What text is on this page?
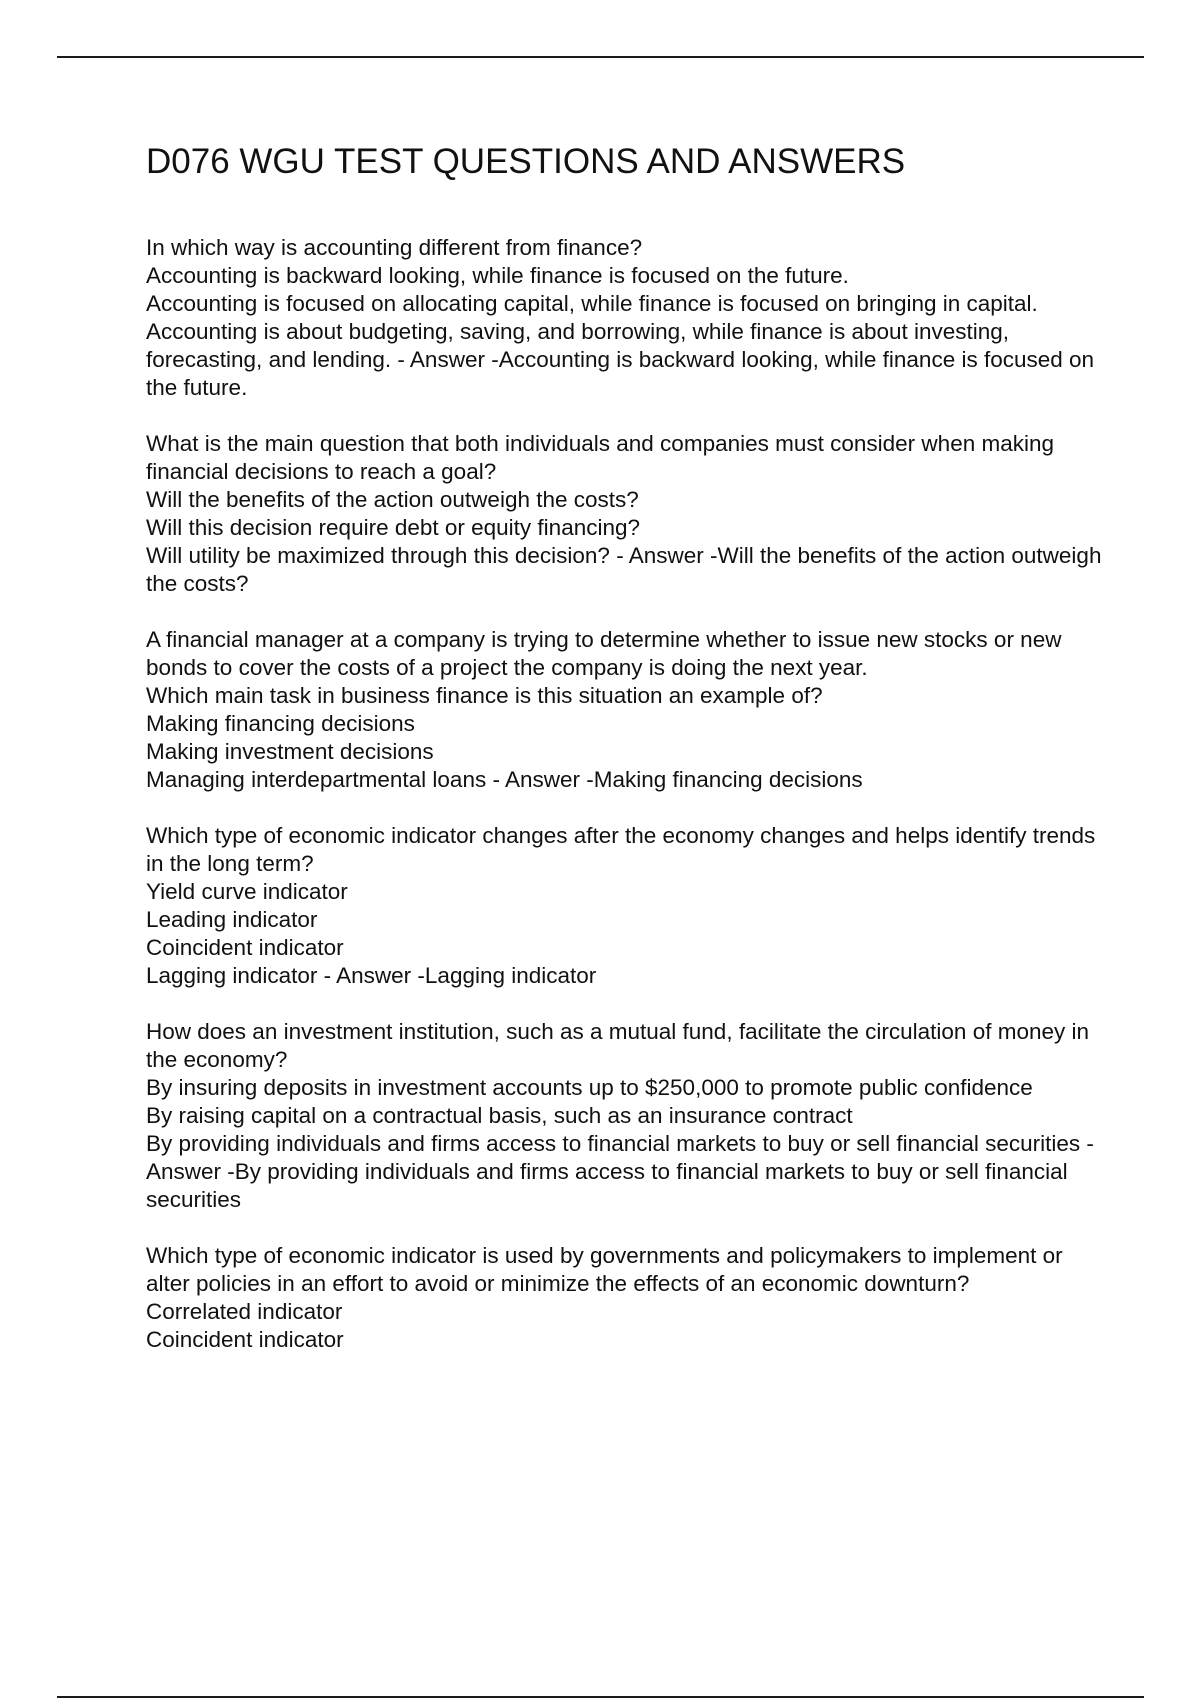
D076 WGU TEST QUESTIONS AND ANSWERS

In which way is accounting different from finance?

Accounting is backward looking, while finance is focused on the future.

Accounting is focused on allocating capital, while finance is focused on bringing in capital.

Accounting is about budgeting, saving, and borrowing, while finance is about investing, forecasting, and lending. - Answer -Accounting is backward looking, while finance is focused on the future.

What is the main question that both individuals and companies must consider when making financial decisions to reach a goal?

Will the benefits of the action outweigh the costs?

Will this decision require debt or equity financing?

Will utility be maximized through this decision? - Answer -Will the benefits of the action outweigh the costs?

A financial manager at a company is trying to determine whether to issue new stocks or new bonds to cover the costs of a project the company is doing the next year.

Which main task in business finance is this situation an example of?

Making financing decisions

Making investment decisions

Managing interdepartmental loans - Answer -Making financing decisions

Which type of economic indicator changes after the economy changes and helps identify trends in the long term?

Yield curve indicator

Leading indicator

Coincident indicator

Lagging indicator - Answer -Lagging indicator

How does an investment institution, such as a mutual fund, facilitate the circulation of money in the economy?

By insuring deposits in investment accounts up to $250,000 to promote public confidence

By raising capital on a contractual basis, such as an insurance contract

By providing individuals and firms access to financial markets to buy or sell financial securities - Answer -By providing individuals and firms access to financial markets to buy or sell financial securities

Which type of economic indicator is used by governments and policymakers to implement or alter policies in an effort to avoid or minimize the effects of an economic downturn?

Correlated indicator

Coincident indicator
